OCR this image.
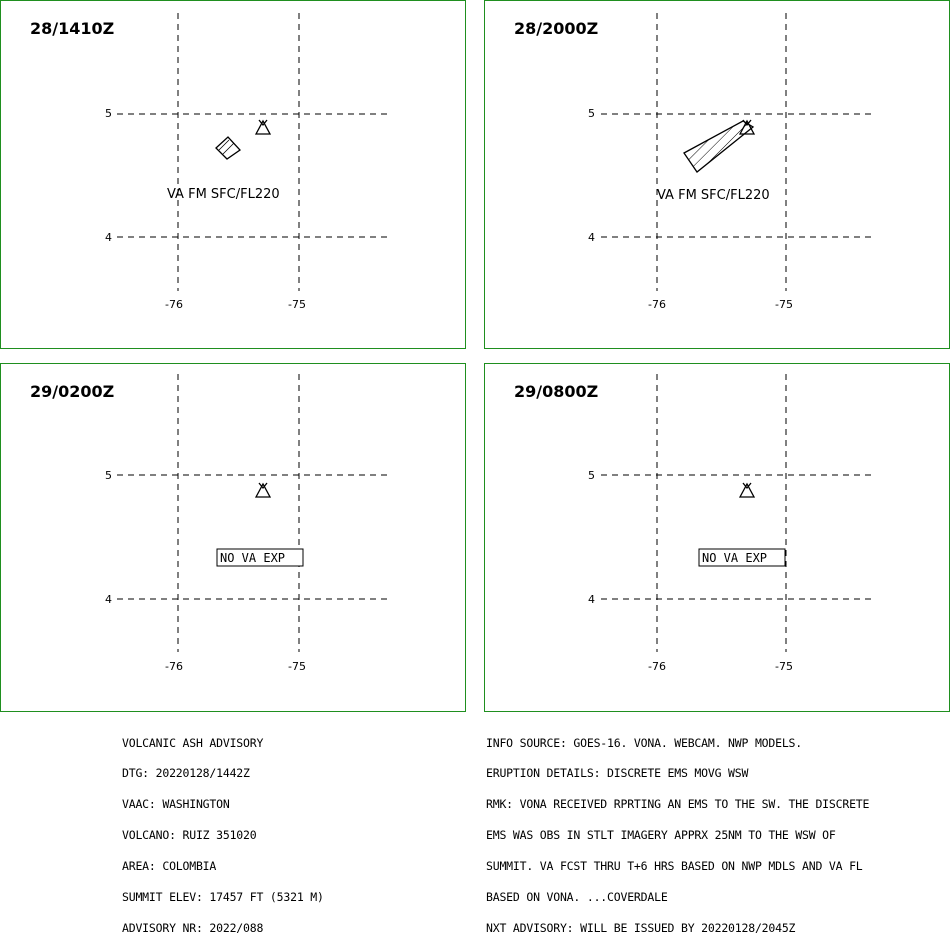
28/1410Z
5
4
-76	-75
VA FM SFC/FL220
28/2000Z
5
4
-76	-75
VA FM SFC/FL220
29/0200Z
5
4
-76	-75
NO VA EXP
29/0800Z
5
4
-76	-75
NO VA EXP

VOLCANIC ASH ADVISORY

DTG: 20220128/1442Z

VAAC: WASHINGTON

VOLCANO: RUIZ 351020

AREA: COLOMBIA

SUMMIT ELEV: 17457 FT (5321 M)

ADVISORY NR: 2022/088

INFO SOURCE: GOES-16. VONA. WEBCAM. NWP MODELS.

ERUPTION DETAILS: DISCRETE EMS MOVG WSW

RMK: VONA RECEIVED RPRTING AN EMS TO THE SW. THE DISCRETE

EMS WAS OBS IN STLT IMAGERY APPRX 25NM TO THE WSW OF

SUMMIT. VA FCST THRU T+6 HRS BASED ON NWP MDLS AND VA FL

BASED ON VONA. ...COVERDALE

NXT ADVISORY: WILL BE ISSUED BY 20220128/2045Z
